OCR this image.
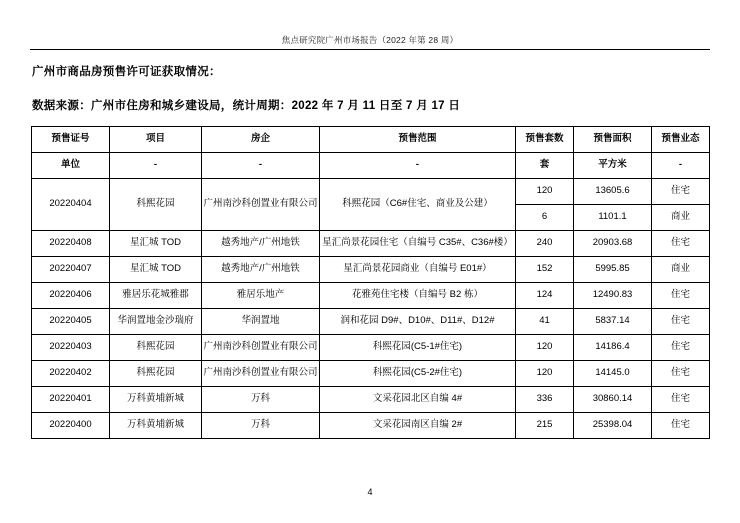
焦点研究院广州市场报告（2022 年第 28 周）
广州市商品房预售许可证获取情况：
数据来源：广州市住房和城乡建设局，统计周期：2022 年 7 月 11 日至 7 月 17 日
预售证号	项目	房企	预售范围	预售套数	预售面积	预售业态
单位	-	-	-	套	平方米	-
20220404	科熙花园	广州南沙科创置业有限公司	科熙花园（C6#住宅、商业及公建）	120	13605.6	住宅
				6	1101.1	商业
20220408	星汇城 TOD	越秀地产/广州地铁	星汇尚景花园住宅（自编号 C35#、C36#楼）	240	20903.68	住宅
20220407	星汇城 TOD	越秀地产/广州地铁	星汇尚景花园商业（自编号 E01#）	152	5995.85	商业
20220406	雅居乐花城雅郡	雅居乐地产	花雅苑住宅楼（自编号 B2 栋）	124	12490.83	住宅
20220405	华润置地金沙瑞府	华润置地	润和花园 D9#、D10#、D11#、D12#	41	5837.14	住宅
20220403	科熙花园	广州南沙科创置业有限公司	科熙花园(C5-1#住宅)	120	14186.4	住宅
20220402	科熙花园	广州南沙科创置业有限公司	科熙花园(C5-2#住宅)	120	14145.0	住宅
20220401	万科黄埔新城	万科	文采花园北区自编 4#	336	30860.14	住宅
20220400	万科黄埔新城	万科	文采花园南区自编 2#	215	25398.04	住宅
4
